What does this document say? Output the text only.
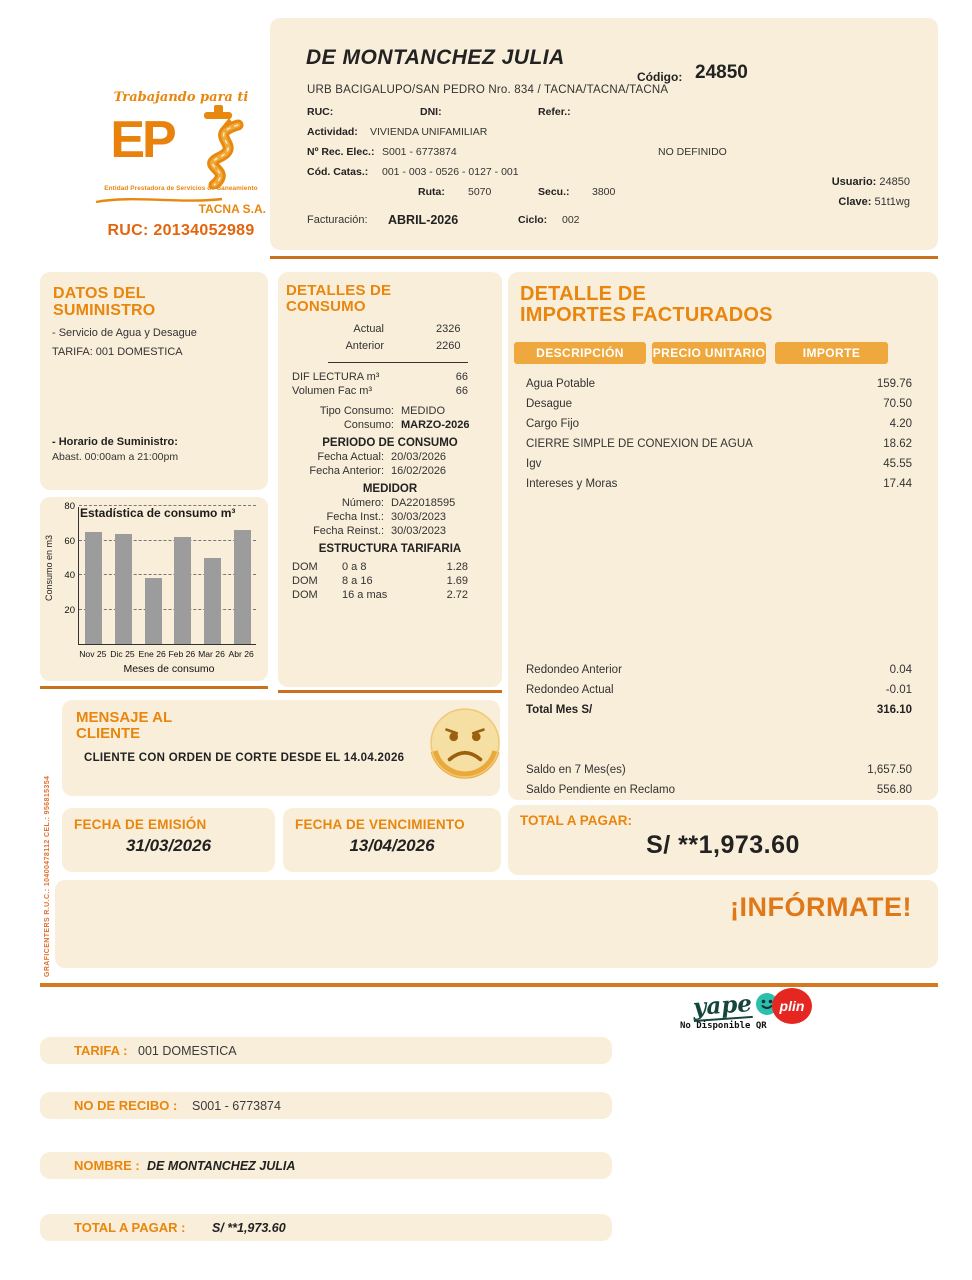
Trabajando para ti
EP
Entidad Prestadora de Servicios de Saneamiento
TACNA S.A.
RUC: 20134052989
DE MONTANCHEZ JULIA
Código: 24850
URB BACIGALUPO/SAN PEDRO Nro. 834 / TACNA/TACNA/TACNA
RUC:	DNI:	Refer.:
Actividad: VIVIENDA UNIFAMILIAR
Nº Rec. Elec.: S001 - 6773874	NO DEFINIDO
Cód. Catas.: 001 - 003 - 0526 - 0127 - 001
Ruta: 5070	Secu.: 3800
Usuario: 24850
Clave: 51t1wg
Facturación: ABRIL-2026	Ciclo: 002
DATOS DEL
SUMINISTRO
- Servicio de Agua y Desague
TARIFA: 001 DOMESTICA
- Horario de Suministro:
Abast. 00:00am a 21:00pm
Consumo en m3
20
40
60
80 Estadística de consumo m³
Meses de consumo
Nov 25 Dic 25 Ene 26 Feb 26 Mar 26 Abr 26
DETALLES DE
CONSUMO
Actual	2326
Anterior	2260
DIF LECTURA m³	66
Volumen Fac m³	66
Tipo Consumo: MEDIDO
Consumo: MARZO-2026
PERIODO DE CONSUMO
Fecha Actual: 20/03/2026
Fecha Anterior: 16/02/2026
MEDIDOR
Número: DA22018595
Fecha Inst.: 30/03/2023
Fecha Reinst.: 30/03/2023
ESTRUCTURA TARIFARIA
DOM	0 a 8	1.28
DOM	8 a 16	1.69
DOM	16 a mas	2.72
DETALLE DE
IMPORTES FACTURADOS
DESCRIPCIÓN	PRECIO UNITARIO	IMPORTE
Agua Potable	159.76
Desague	70.50
Cargo Fijo	4.20
CIERRE SIMPLE DE CONEXION DE AGUA	18.62
Igv	45.55
Intereses y Moras	17.44
Redondeo Anterior	0.04
Redondeo Actual	-0.01
Total Mes S/	316.10
Saldo en 7 Mes(es)	1,657.50
Saldo Pendiente en Reclamo	556.80
MENSAJE AL
CLIENTE
CLIENTE CON ORDEN DE CORTE DESDE EL 14.04.2026
FECHA DE EMISIÓN
31/03/2026
FECHA DE VENCIMIENTO
13/04/2026
TOTAL A PAGAR:
S/ **1,973.60
¡INFÓRMATE!
GRAFICENTERS R.U.C.: 10400478112 CEL.: 956815354
yape	plin
No Disponible QR
TARIFA : 001 DOMESTICA
NO DE RECIBO : S001 - 6773874
NOMBRE : DE MONTANCHEZ JULIA
TOTAL A PAGAR : S/ **1,973.60
